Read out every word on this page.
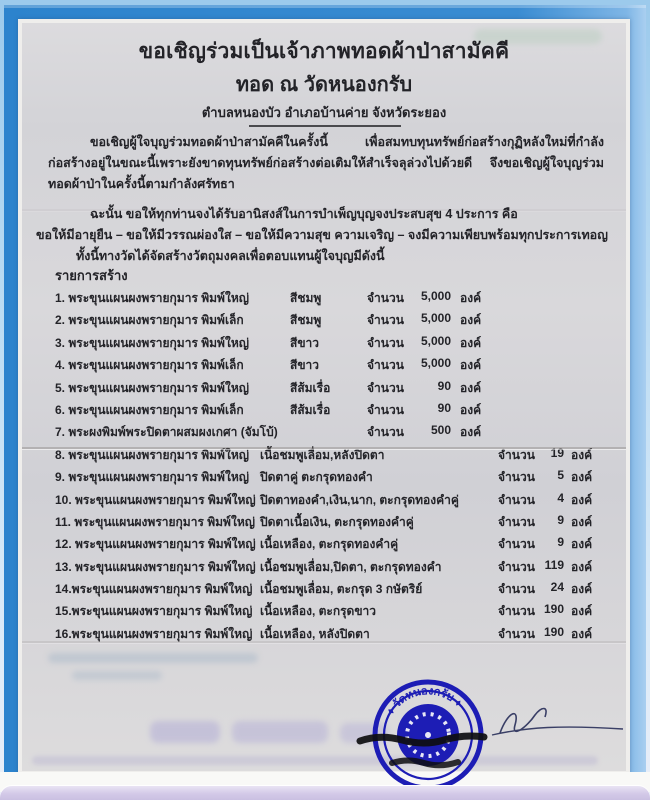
ขอเชิญร่วมเป็นเจ้าภาพทอดผ้าป่าสามัคคี
ทอด ณ วัดหนองกรับ
ตำบลหนองบัว อำเภอบ้านค่าย จังหวัดระยอง
ขอเชิญผู้ใจบุญร่วมทอดผ้าป่าสามัคคีในครั้งนี้ เพื่อสมทบทุนทรัพย์ก่อสร้างกุฏิหลังใหม่ที่กำลังก่อสร้างอยู่ในขณะนี้เพราะยังขาดทุนทรัพย์ก่อสร้างต่อเติมให้สำเร็จลุล่วงไปด้วยดี จึงขอเชิญผู้ใจบุญร่วมทอดผ้าป่าในครั้งนี้ตามกำลังศรัทธา
ฉะนั้น ขอให้ทุกท่านจงได้รับอานิสงส์ในการบำเพ็ญบุญจงประสบสุข 4 ประการ คือ
ขอให้มีอายุยืน – ขอให้มีวรรณผ่องใส – ขอให้มีความสุข ความเจริญ – จงมีความเพียบพร้อมทุกประการเทอญ
ทั้งนี้ทางวัดได้จัดสร้างวัตถุมงคลเพื่อตอบแทนผู้ใจบุญมีดังนี้
รายการสร้าง
1. พระขุนแผนผงพรายกุมาร พิมพ์ใหญ่	สีชมพู	จำนวน	5,000 องค์
2. พระขุนแผนผงพรายกุมาร พิมพ์เล็ก	สีชมพู	จำนวน	5,000 องค์
3. พระขุนแผนผงพรายกุมาร พิมพ์ใหญ่	สีขาว	จำนวน	5,000 องค์
4. พระขุนแผนผงพรายกุมาร พิมพ์เล็ก	สีขาว	จำนวน	5,000 องค์
5. พระขุนแผนผงพรายกุมาร พิมพ์ใหญ่	สีส้มเรื่อ	จำนวน	90 องค์
6. พระขุนแผนผงพรายกุมาร พิมพ์เล็ก	สีส้มเรื่อ	จำนวน	90 องค์
7. พระผงพิมพ์พระปิดตาผสมผงเกศา (จัมโบ้)	จำนวน	500 องค์
8. พระขุนแผนผงพรายกุมาร พิมพ์ใหญ่ เนื้อชมพูเลื่อม,หลังปิดตา	จำนวน	19 องค์
9. พระขุนแผนผงพรายกุมาร พิมพ์ใหญ่ ปิดตาคู่ ตะกรุดทองคำ	จำนวน	5 องค์
10. พระขุนแผนผงพรายกุมาร พิมพ์ใหญ่ ปิดตาทองคำ,เงิน,นาก, ตะกรุดทองคำคู่	จำนวน	4 องค์
11. พระขุนแผนผงพรายกุมาร พิมพ์ใหญ่ ปิดตาเนื้อเงิน, ตะกรุดทองคำคู่	จำนวน	9 องค์
12. พระขุนแผนผงพรายกุมาร พิมพ์ใหญ่ เนื้อเหลือง, ตะกรุดทองคำคู่	จำนวน	9 องค์
13. พระขุนแผนผงพรายกุมาร พิมพ์ใหญ่ เนื้อชมพูเลื่อม,ปิดตา, ตะกรุดทองคำ	จำนวน 119 องค์
14.พระขุนแผนผงพรายกุมาร พิมพ์ใหญ่ เนื้อชมพูเลื่อม, ตะกรุด 3 กษัตริย์	จำนวน	24 องค์
15.พระขุนแผนผงพรายกุมาร พิมพ์ใหญ่ เนื้อเหลือง, ตะกรุดขาว	จำนวน 190 องค์
16.พระขุนแผนผงพรายกุมาร พิมพ์ใหญ่ เนื้อเหลือง, หลังปิดตา	จำนวน 190 องค์
♦ วัดหนองกรับ ♦
